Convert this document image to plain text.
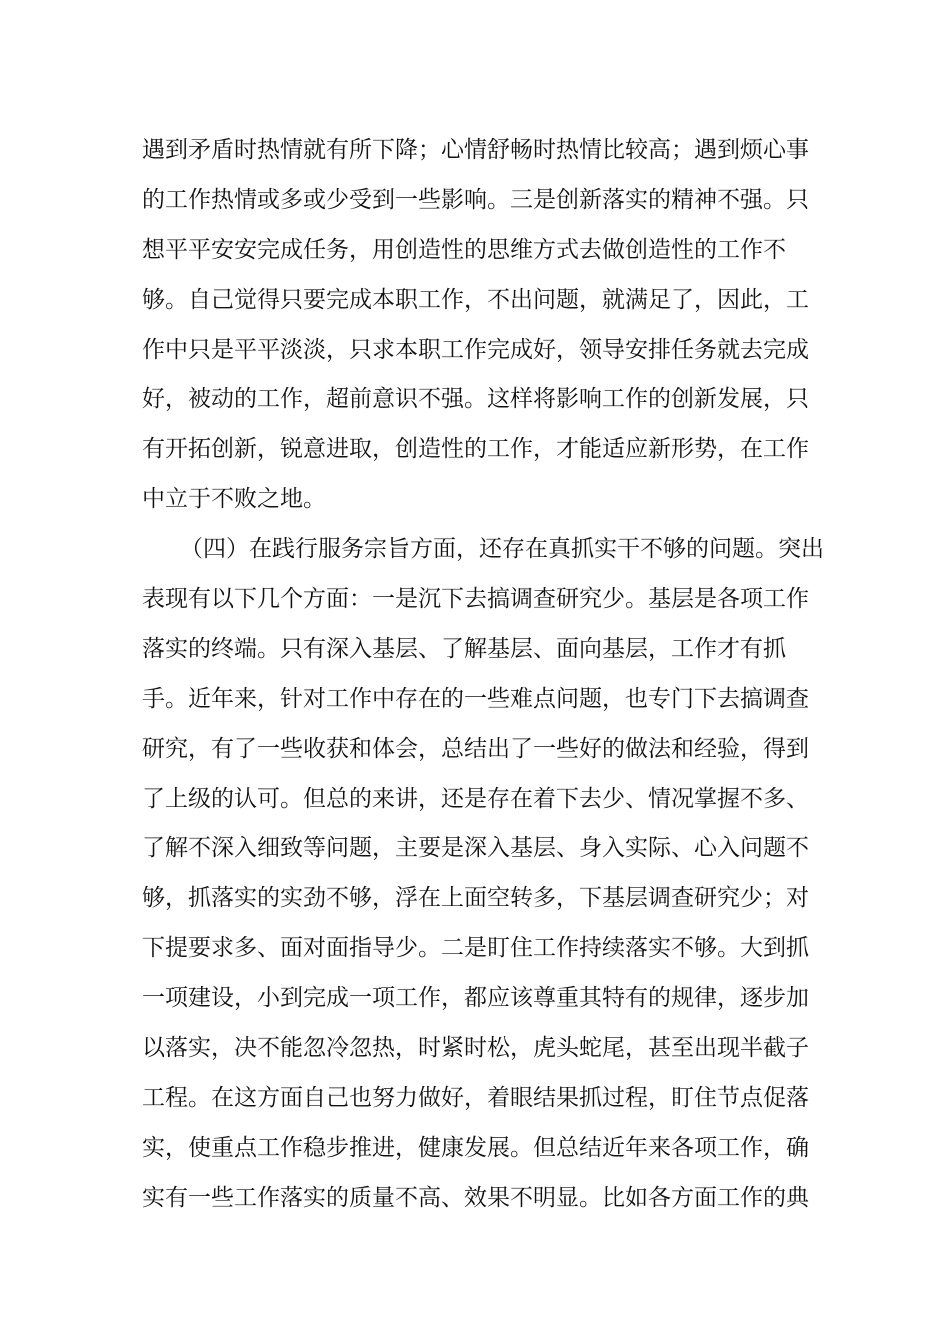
遇到矛盾时热情就有所下降；心情舒畅时热情比较高；遇到烦心事
的工作热情或多或少受到一些影响。三是创新落实的精神不强。只
想平平安安完成任务，用创造性的思维方式去做创造性的工作不
够。自己觉得只要完成本职工作，不出问题，就满足了，因此，工
作中只是平平淡淡，只求本职工作完成好，领导安排任务就去完成
好，被动的工作，超前意识不强。这样将影响工作的创新发展，只
有开拓创新，锐意进取，创造性的工作，才能适应新形势，在工作
中立于不败之地。
（四）在践行服务宗旨方面，还存在真抓实干不够的问题。突出
表现有以下几个方面：一是沉下去搞调查研究少。基层是各项工作
落实的终端。只有深入基层、了解基层、面向基层，工作才有抓
手。近年来，针对工作中存在的一些难点问题，也专门下去搞调查
研究，有了一些收获和体会，总结出了一些好的做法和经验，得到
了上级的认可。但总的来讲，还是存在着下去少、情况掌握不多、
了解不深入细致等问题，主要是深入基层、身入实际、心入问题不
够，抓落实的实劲不够，浮在上面空转多，下基层调查研究少；对
下提要求多、面对面指导少。二是盯住工作持续落实不够。大到抓
一项建设，小到完成一项工作，都应该尊重其特有的规律，逐步加
以落实，决不能忽冷忽热，时紧时松，虎头蛇尾，甚至出现半截子
工程。在这方面自己也努力做好，着眼结果抓过程，盯住节点促落
实，使重点工作稳步推进，健康发展。但总结近年来各项工作，确
实有一些工作落实的质量不高、效果不明显。比如各方面工作的典
